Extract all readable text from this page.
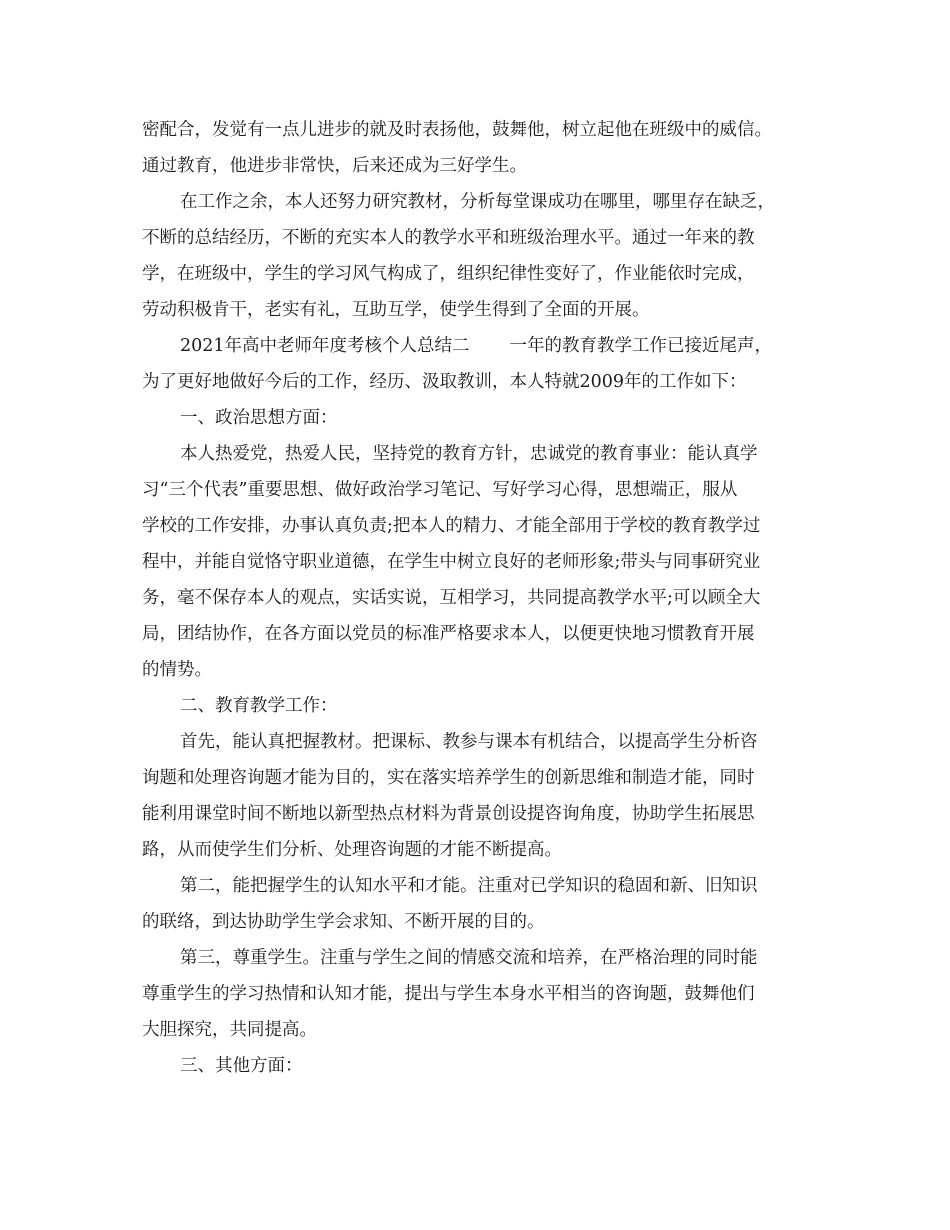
密配合，发觉有一点儿进步的就及时表扬他，鼓舞他，树立起他在班级中的威信。
通过教育，他进步非常快，后来还成为三好学生。
在工作之余，本人还努力研究教材，分析每堂课成功在哪里，哪里存在缺乏，
不断的总结经历，不断的充实本人的教学水平和班级治理水平。通过一年来的教
学，在班级中，学生的学习风气构成了，组织纪律性变好了，作业能依时完成，
劳动积极肯干，老实有礼，互助互学，使学生得到了全面的开展。
2021年高中老师年度考核个人总结二 一年的教育教学工作已接近尾声，
为了更好地做好今后的工作，经历、汲取教训，本人特就2009年的工作如下：
一、政治思想方面：
本人热爱党，热爱人民，坚持党的教育方针，忠诚党的教育事业：能认真学
习“三个代表”重要思想、做好政治学习笔记、写好学习心得，思想端正，服从
学校的工作安排，办事认真负责;把本人的精力、才能全部用于学校的教育教学过
程中，并能自觉恪守职业道德，在学生中树立良好的老师形象;带头与同事研究业
务，毫不保存本人的观点，实话实说，互相学习，共同提高教学水平;可以顾全大
局，团结协作，在各方面以党员的标准严格要求本人，以便更快地习惯教育开展
的情势。
二、教育教学工作：
首先，能认真把握教材。把课标、教参与课本有机结合，以提高学生分析咨
询题和处理咨询题才能为目的，实在落实培养学生的创新思维和制造才能，同时
能利用课堂时间不断地以新型热点材料为背景创设提咨询角度，协助学生拓展思
路，从而使学生们分析、处理咨询题的才能不断提高。
第二，能把握学生的认知水平和才能。注重对已学知识的稳固和新、旧知识
的联络，到达协助学生学会求知、不断开展的目的。
第三，尊重学生。注重与学生之间的情感交流和培养，在严格治理的同时能
尊重学生的学习热情和认知才能，提出与学生本身水平相当的咨询题，鼓舞他们
大胆探究，共同提高。
三、其他方面：
